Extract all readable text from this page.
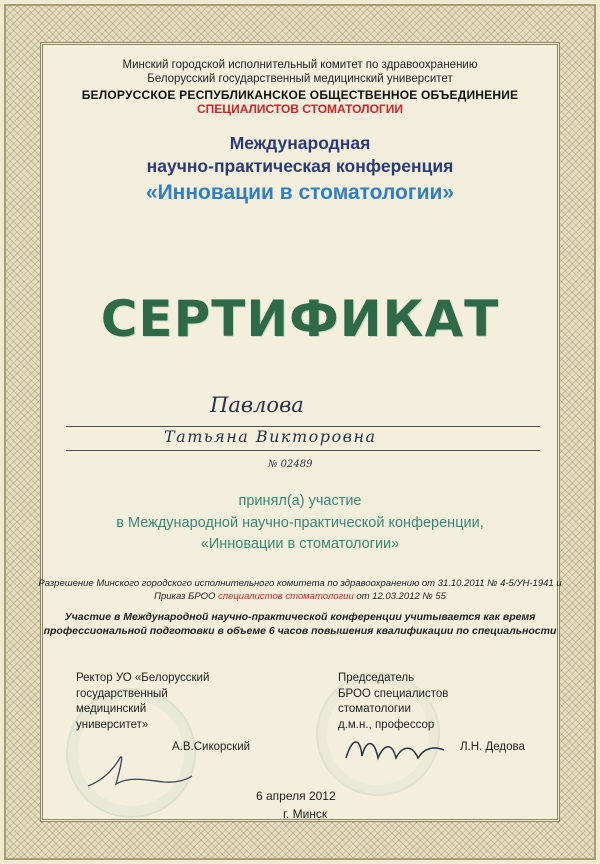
Минский городской исполнительный комитет по здравоохранению
Белорусский государственный медицинский университет
БЕЛОРУССКОЕ РЕСПУБЛИКАНСКОЕ ОБЩЕСТВЕННОЕ ОБЪЕДИНЕНИЕ
СПЕЦИАЛИСТОВ СТОМАТОЛОГИИ
Международная
научно-практическая конференция
«Инновации в стоматологии»
СЕРТИФИКАТ
Павлова
Татьяна Викторовна
№ 02489
принял(а) участие
в Международной научно-практической конференции,
«Инновации в стоматологии»
Разрешение Минского городского исполнительного комитета по здравоохранению от 31.10.2011 № 4-5/УН-1941 и
Приказ БРОО специалистов стоматологии от 12.03.2012 № 55
Участие в Международной научно-практической конференции учитывается как время
профессиональной подготовки в объеме 6 часов повышения квалификации по специальности
Ректор УО «Белорусский
государственный
медицинский
университет»
А.В.Сикорский
Председатель
БРОО специалистов
стоматологии
д.м.н., профессор
Л.Н. Дедова
6 апреля 2012
г. Минск
